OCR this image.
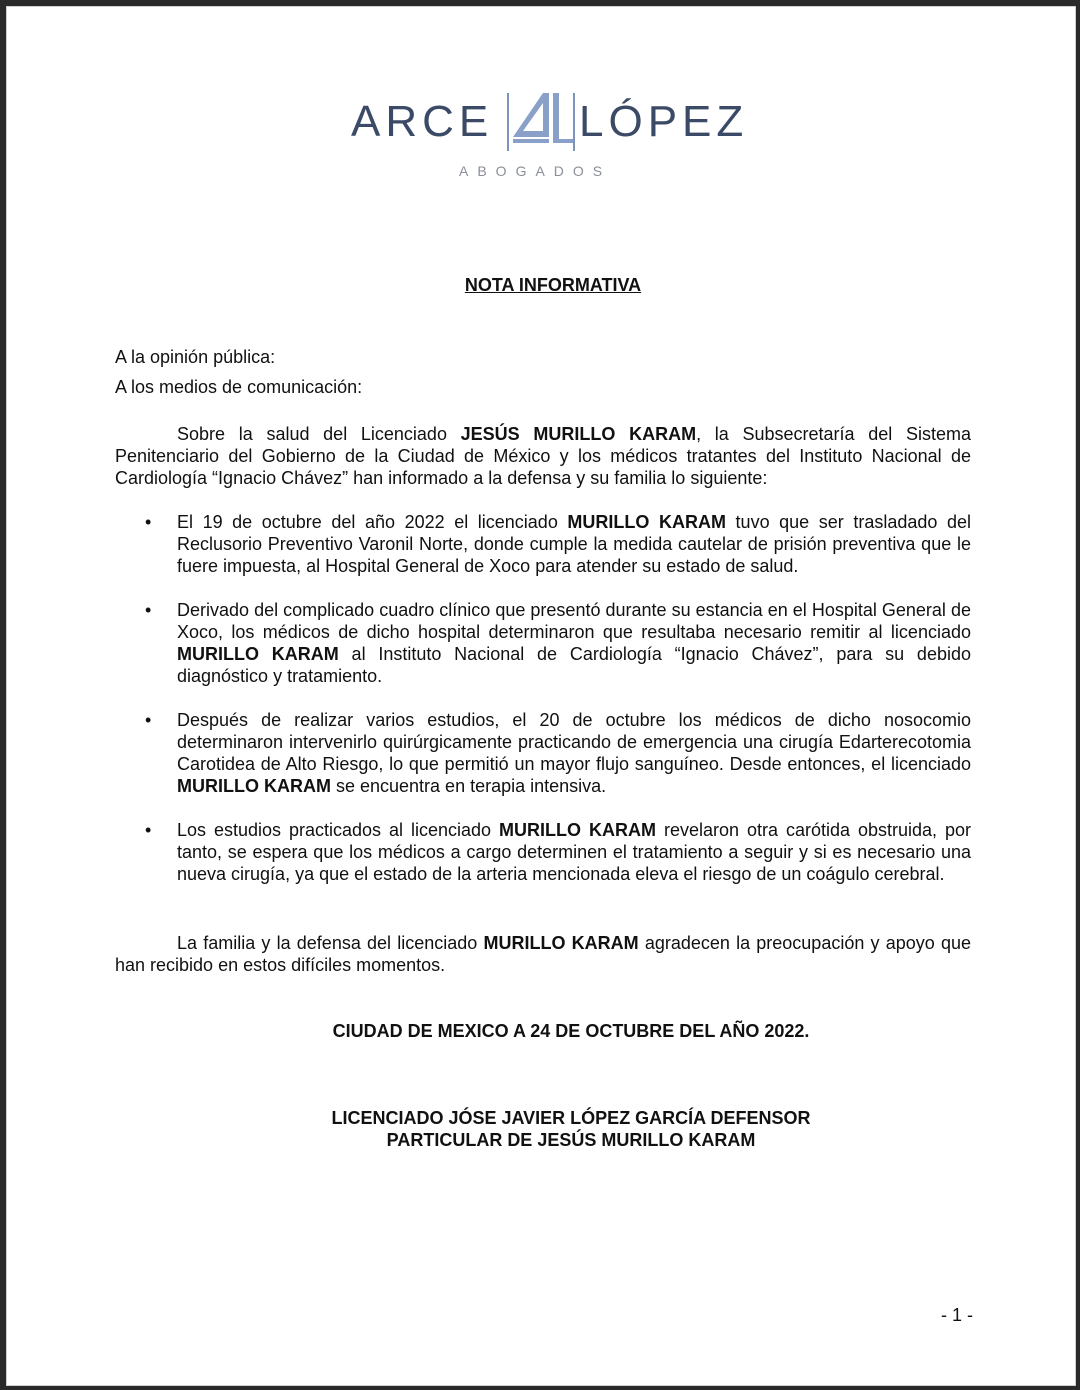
ARCE LÓPEZ
ABOGADOS
NOTA INFORMATIVA
A la opinión pública:
A los medios de comunicación:
Sobre la salud del Licenciado JESÚS MURILLO KARAM, la Subsecretaría del Sistema Penitenciario del Gobierno de la Ciudad de México y los médicos tratantes del Instituto Nacional de Cardiología “Ignacio Chávez” han informado a la defensa y su familia lo siguiente:
• El 19 de octubre del año 2022 el licenciado MURILLO KARAM tuvo que ser trasladado del Reclusorio Preventivo Varonil Norte, donde cumple la medida cautelar de prisión preventiva que le fuere impuesta, al Hospital General de Xoco para atender su estado de salud.
• Derivado del complicado cuadro clínico que presentó durante su estancia en el Hospital General de Xoco, los médicos de dicho hospital determinaron que resultaba necesario remitir al licenciado MURILLO KARAM al Instituto Nacional de Cardiología “Ignacio Chávez”, para su debido diagnóstico y tratamiento.
• Después de realizar varios estudios, el 20 de octubre los médicos de dicho nosocomio determinaron intervenirlo quirúrgicamente practicando de emergencia una cirugía Edarterecotomia Carotidea de Alto Riesgo, lo que permitió un mayor flujo sanguíneo. Desde entonces, el licenciado MURILLO KARAM se encuentra en terapia intensiva.
• Los estudios practicados al licenciado MURILLO KARAM revelaron otra carótida obstruida, por tanto, se espera que los médicos a cargo determinen el tratamiento a seguir y si es necesario una nueva cirugía, ya que el estado de la arteria mencionada eleva el riesgo de un coágulo cerebral.
La familia y la defensa del licenciado MURILLO KARAM agradecen la preocupación y apoyo que han recibido en estos difíciles momentos.
CIUDAD DE MEXICO A 24 DE OCTUBRE DEL AÑO 2022.
LICENCIADO JÓSE JAVIER LÓPEZ GARCÍA DEFENSOR
PARTICULAR DE JESÚS MURILLO KARAM
- 1 -
